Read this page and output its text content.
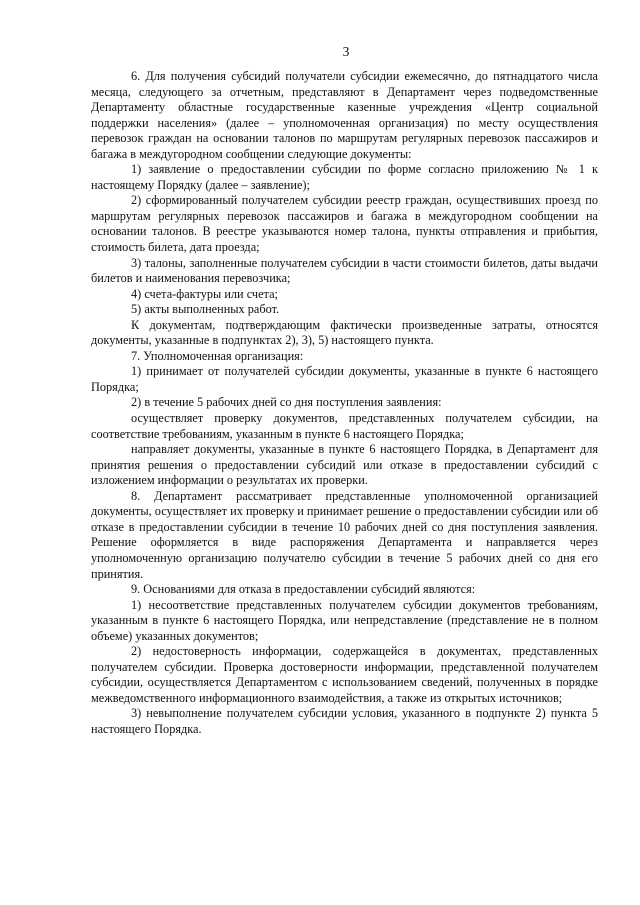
3

6. Для получения субсидий получатели субсидии ежемесячно, до пятнадцатого числа месяца, следующего за отчетным, представляют в Департамент через подведомственные Департаменту областные государственные казенные учреждения «Центр социальной поддержки населения» (далее – уполномоченная организация) по месту осуществления перевозок граждан на основании талонов по маршрутам регулярных перевозок пассажиров и багажа в междугородном сообщении следующие документы:

1) заявление о предоставлении субсидии по форме согласно приложению № 1 к настоящему Порядку (далее – заявление);

2) сформированный получателем субсидии реестр граждан, осуществивших проезд по маршрутам регулярных перевозок пассажиров и багажа в междугородном сообщении на основании талонов. В реестре указываются номер талона, пункты отправления и прибытия, стоимость билета, дата проезда;

3) талоны, заполненные получателем субсидии в части стоимости билетов, даты выдачи билетов и наименования перевозчика;

4) счета-фактуры или счета;

5) акты выполненных работ.

К документам, подтверждающим фактически произведенные затраты, относятся документы, указанные в подпунктах 2), 3), 5) настоящего пункта.

7. Уполномоченная организация:

1) принимает от получателей субсидии документы, указанные в пункте 6 настоящего Порядка;

2) в течение 5 рабочих дней со дня поступления заявления:

осуществляет проверку документов, представленных получателем субсидии, на соответствие требованиям, указанным в пункте 6 настоящего Порядка;

направляет документы, указанные в пункте 6 настоящего Порядка, в Департамент для принятия решения о предоставлении субсидий или отказе в предоставлении субсидий с изложением информации о результатах их проверки.

8. Департамент рассматривает представленные уполномоченной организацией документы, осуществляет их проверку и принимает решение о предоставлении субсидии или об отказе в предоставлении субсидии в течение 10 рабочих дней со дня поступления заявления. Решение оформляется в виде распоряжения Департамента и направляется через уполномоченную организацию получателю субсидии в течение 5 рабочих дней со дня его принятия.

9. Основаниями для отказа в предоставлении субсидий являются:

1) несоответствие представленных получателем субсидии документов требованиям, указанным в пункте 6 настоящего Порядка, или непредставление (представление не в полном объеме) указанных документов;

2) недостоверность информации, содержащейся в документах, представленных получателем субсидии. Проверка достоверности информации, представленной получателем субсидии, осуществляется Департаментом с использованием сведений, полученных в порядке межведомственного информационного взаимодействия, а также из открытых источников;

3) невыполнение получателем субсидии условия, указанного в подпункте 2) пункта 5 настоящего Порядка.
